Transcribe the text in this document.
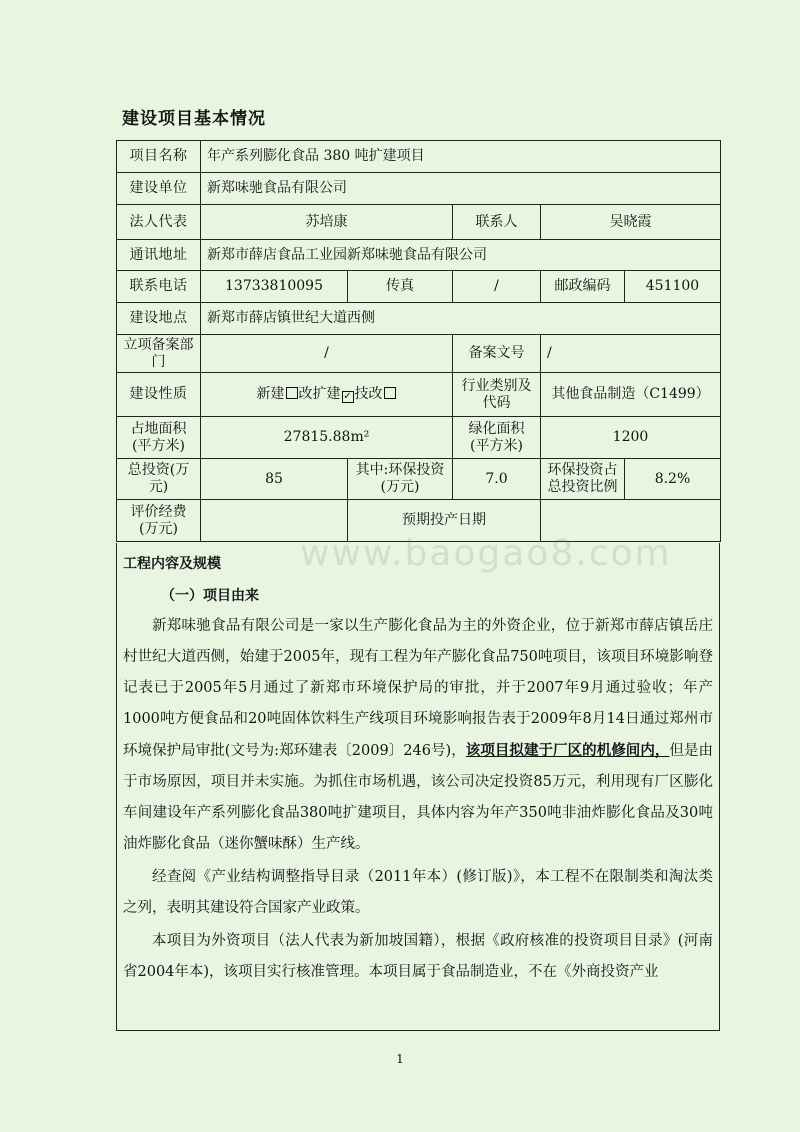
建设项目基本情况
项目名称	年产系列膨化食品 380 吨扩建项目				
建设单位	新郑味驰食品有限公司				
法人代表	苏培康		联系人	吴晓霞	
通讯地址	新郑市薛店食品工业园新郑味驰食品有限公司				
联系电话	13733810095	传真	/	邮政编码	451100
建设地点	新郑市薛店镇世纪大道西侧				
立项备案部门	/		备案文号	/	
建设性质	新建 改扩建 ✓ 技改		行业类别及代码	其他食品制造（C1499）	
占地面积(平方米)	27815.88m²		绿化面积(平方米)	1200	
总投资(万元)	85	其中:环保投资(万元)	7.0	环保投资占总投资比例	8.2%
评价经费(万元)		预期投产日期			
www.baogao8.com
工程内容及规模
（一）项目由来

新郑味驰食品有限公司是一家以生产膨化食品为主的外资企业，位于新郑市薛店镇岳庄村世纪大道西侧，始建于2005年，现有工程为年产膨化食品750吨项目，该项目环境影响登记表已于2005年5月通过了新郑市环境保护局的审批，并于2007年9月通过验收；年产1000吨方便食品和20吨固体饮料生产线项目环境影响报告表于2009年8月14日通过郑州市环境保护局审批(文号为:郑环建表〔2009〕246号)，该项目拟建于厂区的机修间内，但是由于市场原因，项目并未实施。为抓住市场机遇，该公司决定投资85万元，利用现有厂区膨化车间建设年产系列膨化食品380吨扩建项目，具体内容为年产350吨非油炸膨化食品及30吨油炸膨化食品（迷你蟹味酥）生产线。

经查阅《产业结构调整指导目录（2011年本）(修订版)》，本工程不在限制类和淘汰类之列，表明其建设符合国家产业政策。

本项目为外资项目（法人代表为新加坡国籍），根据《政府核准的投资项目目录》(河南省2004年本)，该项目实行核准管理。本项目属于食品制造业，不在《外商投资产业

1
